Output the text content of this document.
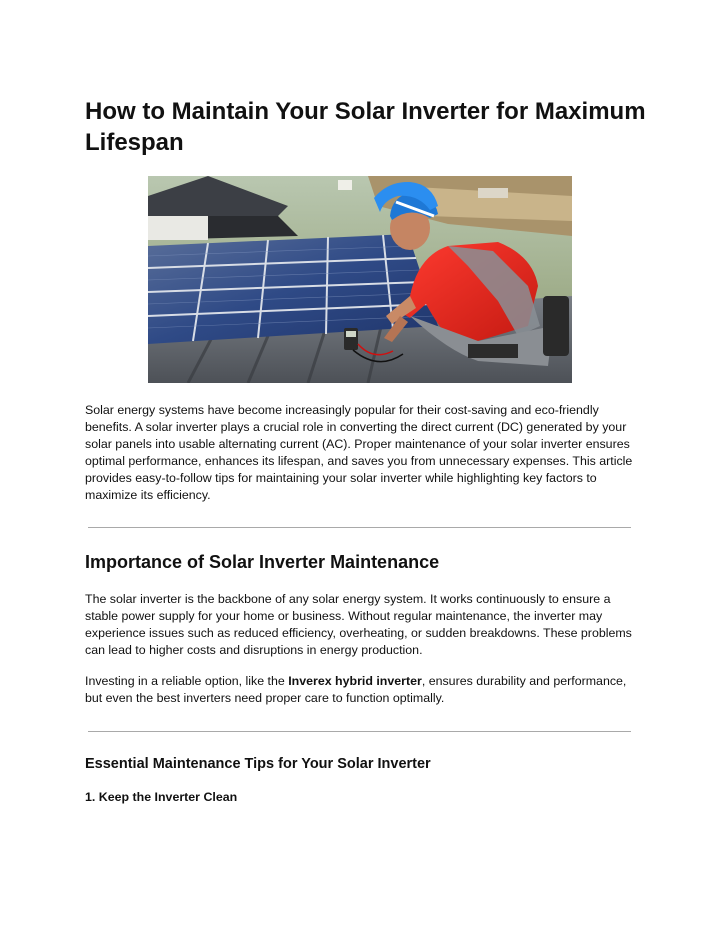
How to Maintain Your Solar Inverter for Maximum Lifespan

Solar energy systems have become increasingly popular for their cost-saving and eco-friendly benefits. A solar inverter plays a crucial role in converting the direct current (DC) generated by your solar panels into usable alternating current (AC). Proper maintenance of your solar inverter ensures optimal performance, enhances its lifespan, and saves you from unnecessary expenses. This article provides easy-to-follow tips for maintaining your solar inverter while highlighting key factors to maximize its efficiency.

Importance of Solar Inverter Maintenance

The solar inverter is the backbone of any solar energy system. It works continuously to ensure a stable power supply for your home or business. Without regular maintenance, the inverter may experience issues such as reduced efficiency, overheating, or sudden breakdowns. These problems can lead to higher costs and disruptions in energy production.

Investing in a reliable option, like the Inverex hybrid inverter, ensures durability and performance, but even the best inverters need proper care to function optimally.

Essential Maintenance Tips for Your Solar Inverter
1. Keep the Inverter Clean
